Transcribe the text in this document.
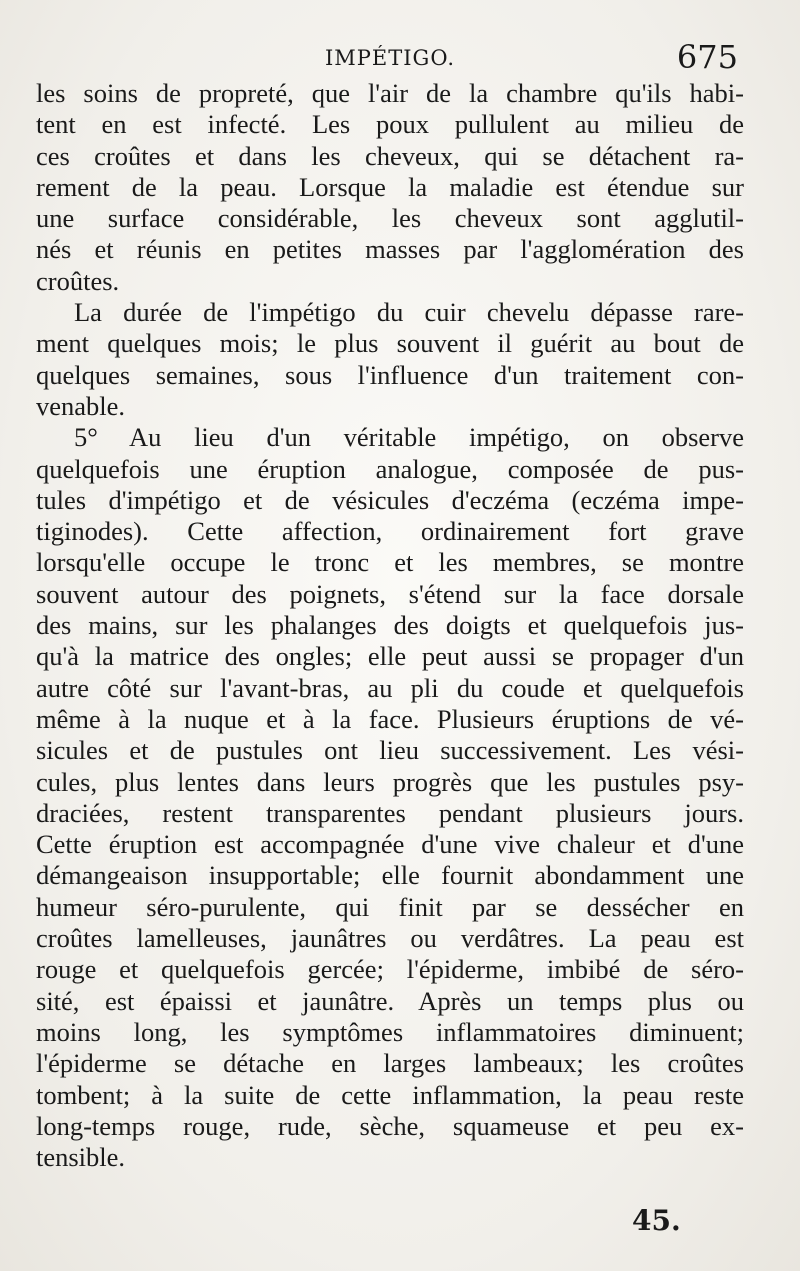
IMPÉTIGO.	675

les soins de propreté, que l'air de la chambre qu'ils habi-
tent en est infecté. Les poux pullulent au milieu de
ces croûtes et dans les cheveux, qui se détachent ra-
rement de la peau. Lorsque la maladie est étendue sur
une surface considérable, les cheveux sont agglutil-
nés et réunis en petites masses par l'agglomération des
croûtes.

La durée de l'impétigo du cuir chevelu dépasse rare-
ment quelques mois; le plus souvent il guérit au bout de
quelques semaines, sous l'influence d'un traitement con-
venable.

5° Au lieu d'un véritable impétigo, on observe
quelquefois une éruption analogue, composée de pus-
tules d'impétigo et de vésicules d'eczéma (eczéma impe-
tiginodes). Cette affection, ordinairement fort grave
lorsqu'elle occupe le tronc et les membres, se montre
souvent autour des poignets, s'étend sur la face dorsale
des mains, sur les phalanges des doigts et quelquefois jus-
qu'à la matrice des ongles; elle peut aussi se propager d'un
autre côté sur l'avant-bras, au pli du coude et quelquefois
même à la nuque et à la face. Plusieurs éruptions de vé-
sicules et de pustules ont lieu successivement. Les vési-
cules, plus lentes dans leurs progrès que les pustules psy-
draciées, restent transparentes pendant plusieurs jours.
Cette éruption est accompagnée d'une vive chaleur et d'une
démangeaison insupportable; elle fournit abondamment une
humeur séro-purulente, qui finit par se dessécher en
croûtes lamelleuses, jaunâtres ou verdâtres. La peau est
rouge et quelquefois gercée; l'épiderme, imbibé de séro-
sité, est épaissi et jaunâtre. Après un temps plus ou
moins long, les symptômes inflammatoires diminuent;
l'épiderme se détache en larges lambeaux; les croûtes
tombent; à la suite de cette inflammation, la peau reste
long-temps rouge, rude, sèche, squameuse et peu ex-
tensible.

45.
